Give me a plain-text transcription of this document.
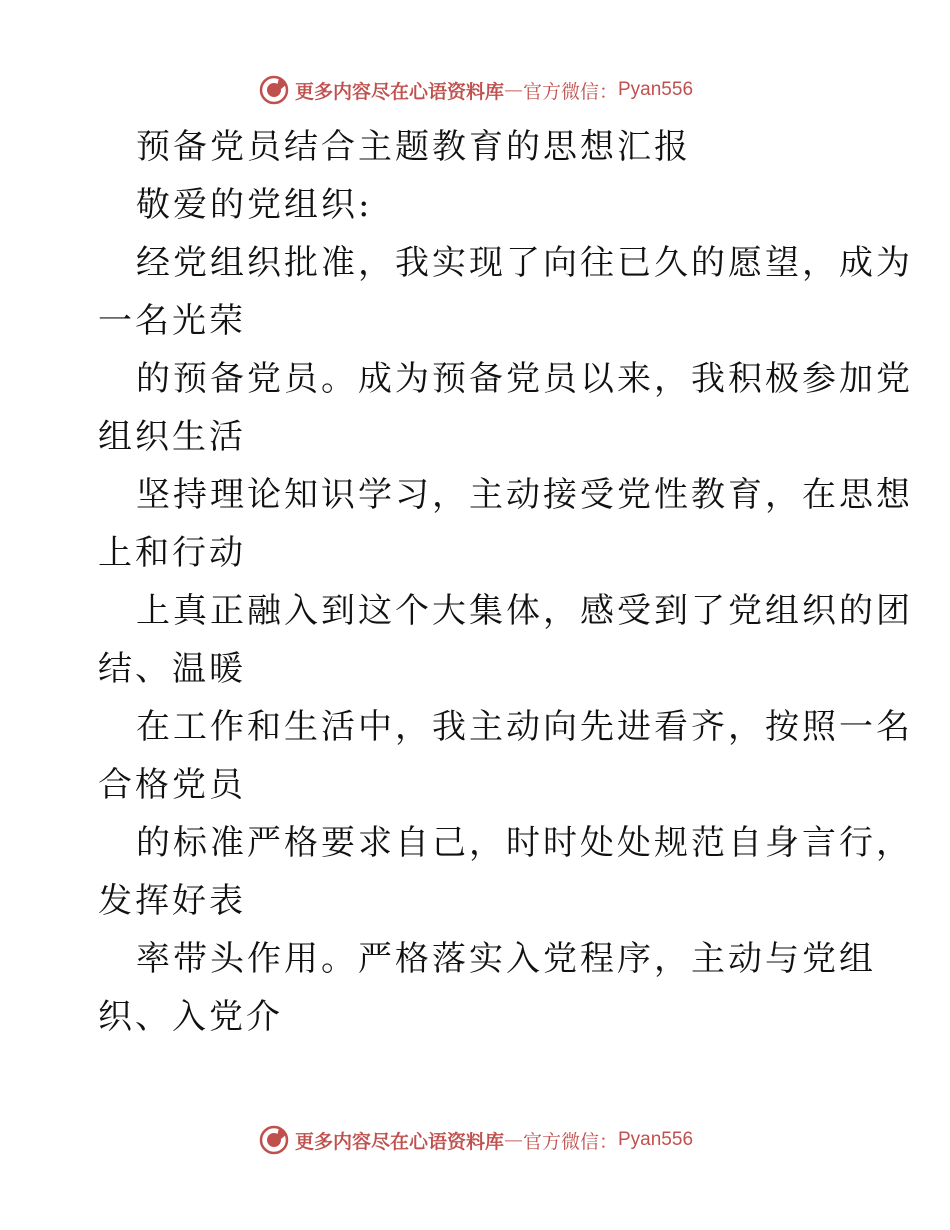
更多内容尽在心语资料库 — 官方微信： Pyan556
预备党员结合主题教育的思想汇报
敬爱的党组织:
经党组织批准，我实现了向往已久的愿望，成为
一名光荣
的预备党员。成为预备党员以来，我积极参加党
组织生活
坚持理论知识学习，主动接受党性教育，在思想
上和行动
上真正融入到这个大集体，感受到了党组织的团
结、温暖
在工作和生活中，我主动向先进看齐，按照一名
合格党员
的标准严格要求自己，时时处处规范自身言行，
发挥好表
率带头作用。严格落实入党程序，主动与党组
织、入党介
更多内容尽在心语资料库 — 官方微信： Pyan556
